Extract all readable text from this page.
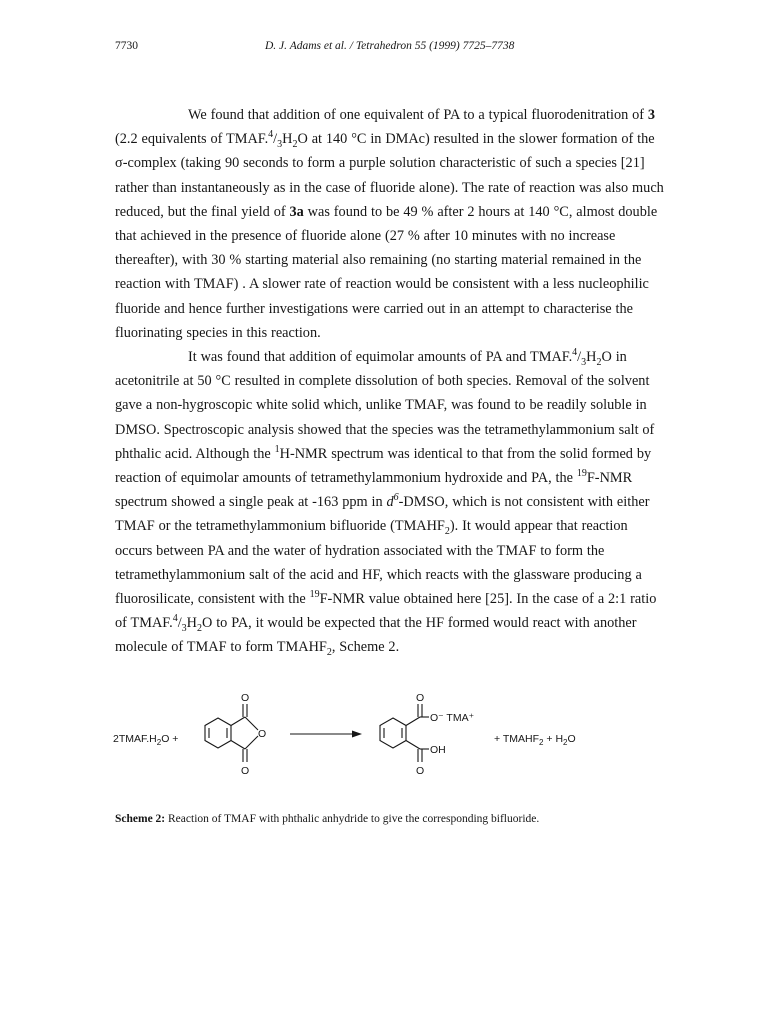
7730	D. J. Adams et al. / Tetrahedron 55 (1999) 7725–7738

We found that addition of one equivalent of PA to a typical fluorodenitration of 3
(2.2 equivalents of $TMAF.^4/_3H_2O$ at 140 °C in DMAc) resulted in the slower formation of the
σ-complex (taking 90 seconds to form a purple solution characteristic of such a species [21]
rather than instantaneously as in the case of fluoride alone). The rate of reaction was also much
reduced, but the final yield of 3a was found to be 49 % after 2 hours at 140 °C, almost double
that achieved in the presence of fluoride alone (27 % after 10 minutes with no increase
thereafter), with 30 % starting material also remaining (no starting material remained in the
reaction with TMAF) . A slower rate of reaction would be consistent with a less nucleophilic
fluoride and hence further investigations were carried out in an attempt to characterise the
fluorinating species in this reaction.

It was found that addition of equimolar amounts of PA and $TMAF.^4/_3H_2O$ in
acetonitrile at 50 °C resulted in complete dissolution of both species. Removal of the solvent
gave a non-hygroscopic white solid which, unlike TMAF, was found to be readily soluble in
DMSO. Spectroscopic analysis showed that the species was the tetramethylammonium salt of
phthalic acid. Although the $^1$H-NMR spectrum was identical to that from the solid formed by
reaction of equimolar amounts of tetramethylammonium hydroxide and PA, the $^{19}$F-NMR
spectrum showed a single peak at -163 ppm in $d^6$-DMSO, which is not consistent with either
TMAF or the tetramethylammonium bifluoride $(TMAHF_2)$. It would appear that reaction
occurs between PA and the water of hydration associated with the TMAF to form the
tetramethylammonium salt of the acid and HF, which reacts with the glassware producing a
fluorosilicate, consistent with the $^{19}$F-NMR value obtained here [25]. In the case of a 2:1 ratio
of $TMAF.^4/_3H_2O$ to PA, it would be expected that the HF formed would react with another
molecule of TMAF to form $TMAHF_2$, Scheme 2.

$2TMAF.H_2O$ +	O
O
O
O
O⁻ TMA⁺
OH
O
+ $TMAHF_2 + H_2O$
Scheme 2: Reaction of TMAF with phthalic anhydride to give the corresponding bifluoride.
